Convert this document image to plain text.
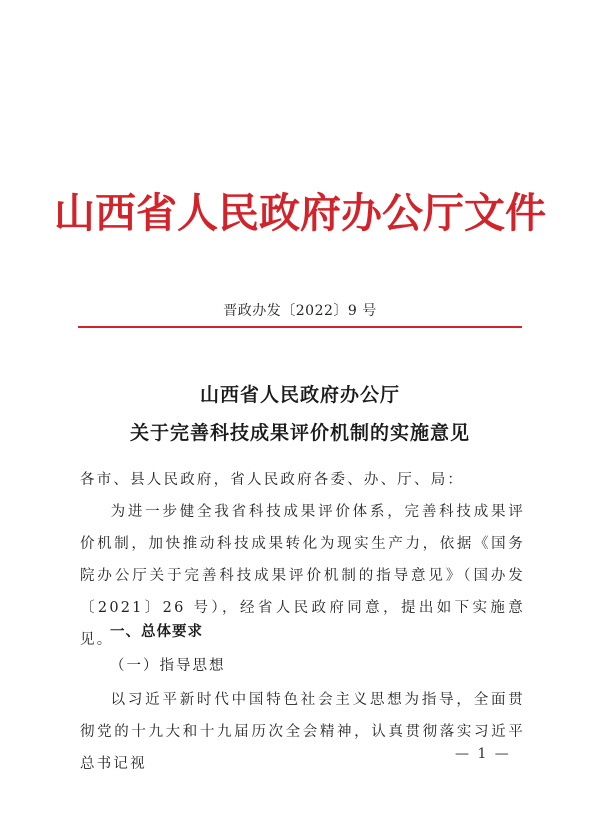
山西省人民政府办公厅文件
晋政办发〔2022〕9 号
山西省人民政府办公厅
关于完善科技成果评价机制的实施意见
各市、县人民政府，省人民政府各委、办、厅、局：
为进一步健全我省科技成果评价体系，完善科技成果评价机制，加快推动科技成果转化为现实生产力，依据《国务院办公厅关于完善科技成果评价机制的指导意见》（国办发〔2021〕26 号），经省人民政府同意，提出如下实施意见。
一、总体要求
（一）指导思想
以习近平新时代中国特色社会主义思想为指导，全面贯彻党的十九大和十九届历次全会精神，认真贯彻落实习近平总书记视
— 1 —
